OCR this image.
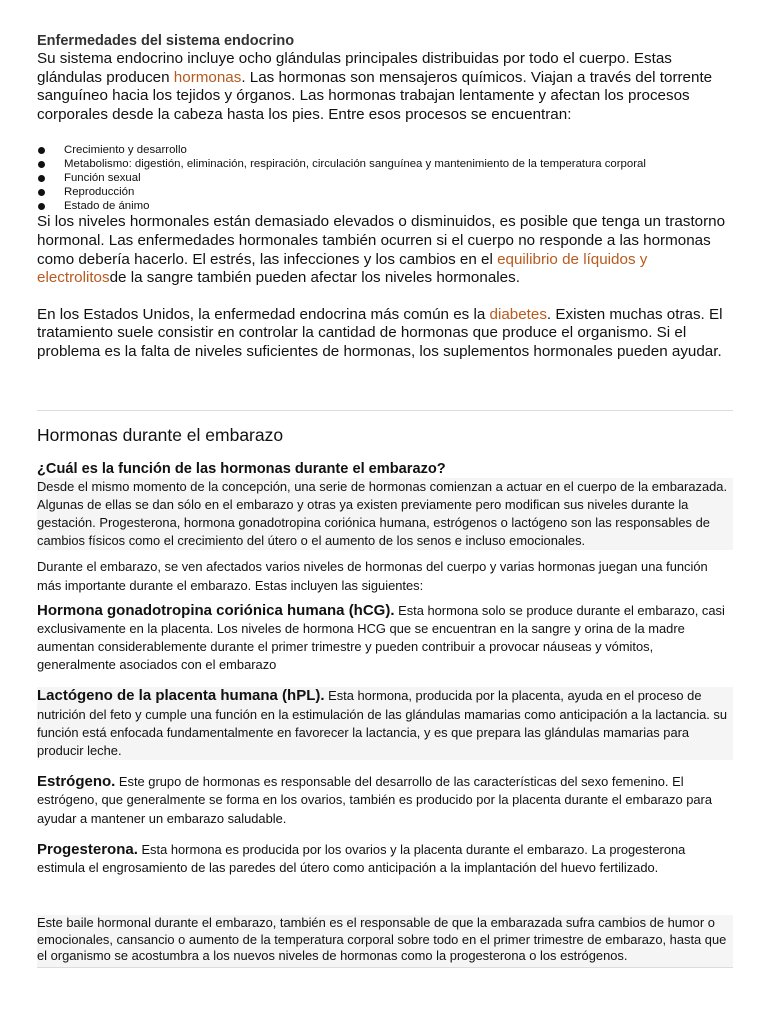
Enfermedades del sistema endocrino

Su sistema endocrino incluye ocho glándulas principales distribuidas por todo el cuerpo. Estas glándulas producen hormonas. Las hormonas son mensajeros químicos. Viajan a través del torrente sanguíneo hacia los tejidos y órganos. Las hormonas trabajan lentamente y afectan los procesos corporales desde la cabeza hasta los pies. Entre esos procesos se encuentran:

Crecimiento y desarrollo
Metabolismo: digestión, eliminación, respiración, circulación sanguínea y mantenimiento de la temperatura corporal
Función sexual
Reproducción
Estado de ánimo

Si los niveles hormonales están demasiado elevados o disminuidos, es posible que tenga un trastorno hormonal. Las enfermedades hormonales también ocurren si el cuerpo no responde a las hormonas como debería hacerlo. El estrés, las infecciones y los cambios en el equilibrio de líquidos y electrolitosde la sangre también pueden afectar los niveles hormonales.

En los Estados Unidos, la enfermedad endocrina más común es la diabetes. Existen muchas otras. El tratamiento suele consistir en controlar la cantidad de hormonas que produce el organismo. Si el problema es la falta de niveles suficientes de hormonas, los suplementos hormonales pueden ayudar.

Hormonas durante el embarazo
¿Cuál es la función de las hormonas durante el embarazo?

Desde el mismo momento de la concepción, una serie de hormonas comienzan a actuar en el cuerpo de la embarazada. Algunas de ellas se dan sólo en el embarazo y otras ya existen previamente pero modifican sus niveles durante la gestación. Progesterona, hormona gonadotropina coriónica humana, estrógenos o lactógeno son las responsables de cambios físicos como el crecimiento del útero o el aumento de los senos e incluso emocionales.

Durante el embarazo, se ven afectados varios niveles de hormonas del cuerpo y varias hormonas juegan una función más importante durante el embarazo. Estas incluyen las siguientes:

Hormona gonadotropina coriónica humana (hCG). Esta hormona solo se produce durante el embarazo, casi exclusivamente en la placenta. Los niveles de hormona HCG que se encuentran en la sangre y orina de la madre aumentan considerablemente durante el primer trimestre y pueden contribuir a provocar náuseas y vómitos, generalmente asociados con el embarazo

Lactógeno de la placenta humana (hPL). Esta hormona, producida por la placenta, ayuda en el proceso de nutrición del feto y cumple una función en la estimulación de las glándulas mamarias como anticipación a la lactancia. su función está enfocada fundamentalmente en favorecer la lactancia, y es que prepara las glándulas mamarias para producir leche.

Estrógeno. Este grupo de hormonas es responsable del desarrollo de las características del sexo femenino. El estrógeno, que generalmente se forma en los ovarios, también es producido por la placenta durante el embarazo para ayudar a mantener un embarazo saludable.

Progesterona. Esta hormona es producida por los ovarios y la placenta durante el embarazo. La progesterona estimula el engrosamiento de las paredes del útero como anticipación a la implantación del huevo fertilizado.

Este baile hormonal durante el embarazo, también es el responsable de que la embarazada sufra cambios de humor o emocionales, cansancio o aumento de la temperatura corporal sobre todo en el primer trimestre de embarazo, hasta que el organismo se acostumbra a los nuevos niveles de hormonas como la progesterona o los estrógenos.
